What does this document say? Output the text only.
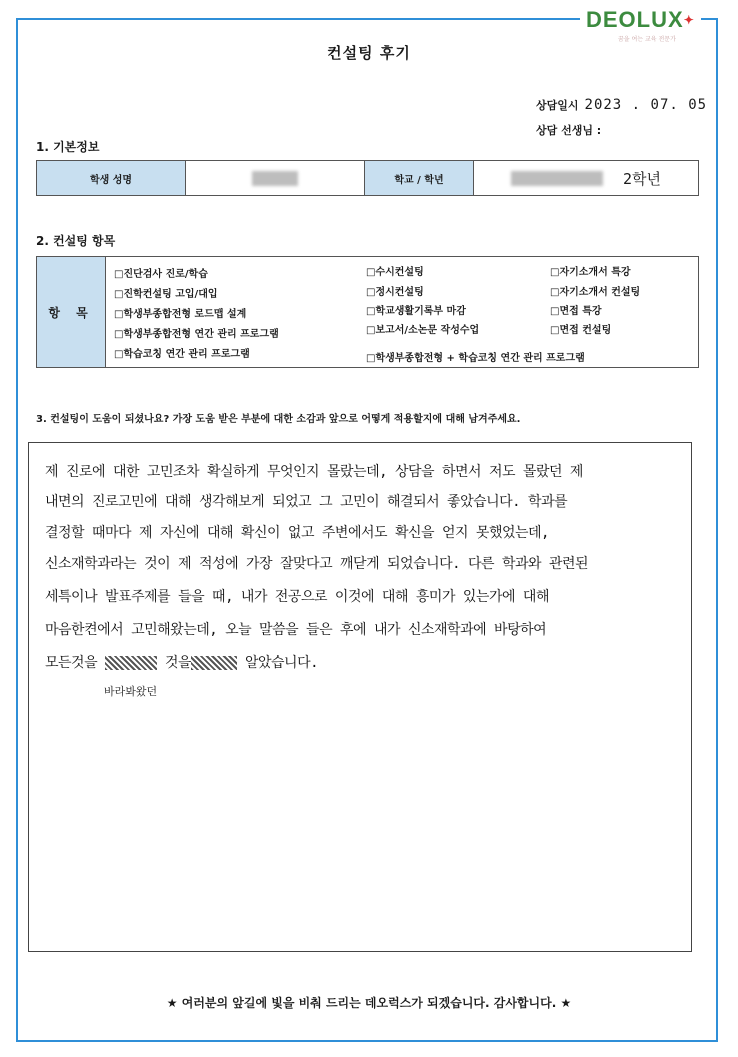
DEOLUX✦
꿈을 여는 교육 전문가
컨설팅 후기
상담일시 2023 . 07. 05
상담 선생님 :
1. 기본정보
학생 성명		학교 / 학년	2학년
2. 컨설팅 항목
항 목	
□진단검사 진로/학습
□진학컨설팅 고입/대입
□학생부종합전형 로드맵 설계
□학생부종합전형 연간 관리 프로그램
□학습코칭 연간 관리 프로그램
□수시컨설팅
□정시컨설팅
□학교생활기록부 마감
□보고서/소논문 작성수업
□자기소개서 특강
□자기소개서 컨설팅
□면접 특강
□면접 컨설팅
□학생부종합전형 + 학습코칭 연간 관리 프로그램
3. 컨설팅이 도움이 되셨나요? 가장 도움 받은 부분에 대한 소감과 앞으로 어떻게 적용할지에 대해 남겨주세요.
제 진로에 대한 고민조차 확실하게 무엇인지 몰랐는데, 상담을 하면서 저도 몰랐던 제
내면의 진로고민에 대해 생각해보게 되었고 그 고민이 해결되서 좋았습니다. 학과를
결정할 때마다 제 자신에 대해 확신이 없고 주변에서도 확신을 얻지 못했었는데,
신소재학과라는 것이 제 적성에 가장 잘맞다고 깨닫게 되었습니다. 다른 학과와 관련된
세특이나 발표주제를 들을 때, 내가 전공으로 이것에 대해 흥미가 있는가에 대해
마음한켠에서 고민해왔는데, 오늘 말씀을 들은 후에 내가 신소재학과에 바탕하여
모든것을	것을	알았습니다.
바라봐왔던
★ 여러분의 앞길에 빛을 비춰 드리는 데오럭스가 되겠습니다. 감사합니다. ★
